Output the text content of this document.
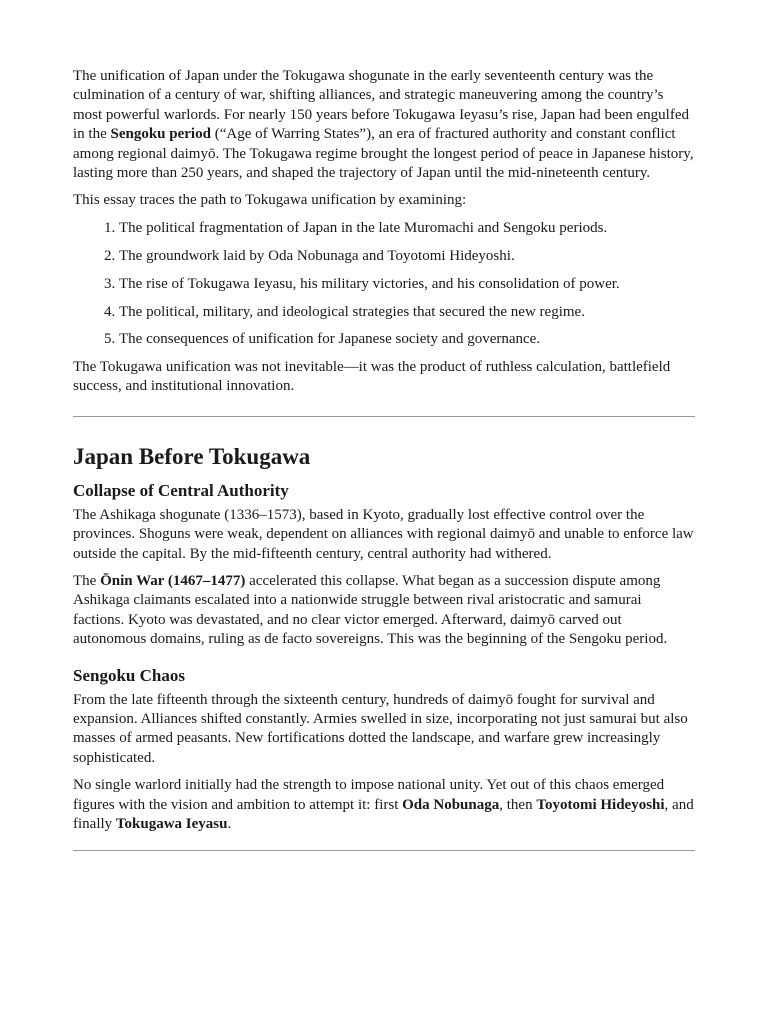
The unification of Japan under the Tokugawa shogunate in the early seventeenth century was the culmination of a century of war, shifting alliances, and strategic maneuvering among the country’s most powerful warlords. For nearly 150 years before Tokugawa Ieyasu’s rise, Japan had been engulfed in the Sengoku period (“Age of Warring States”), an era of fractured authority and constant conflict among regional daimyō. The Tokugawa regime brought the longest period of peace in Japanese history, lasting more than 250 years, and shaped the trajectory of Japan until the mid-nineteenth century.

This essay traces the path to Tokugawa unification by examining:

1. The political fragmentation of Japan in the late Muromachi and Sengoku periods.
2. The groundwork laid by Oda Nobunaga and Toyotomi Hideyoshi.
3. The rise of Tokugawa Ieyasu, his military victories, and his consolidation of power.
4. The political, military, and ideological strategies that secured the new regime.
5. The consequences of unification for Japanese society and governance.

The Tokugawa unification was not inevitable—it was the product of ruthless calculation, battlefield success, and institutional innovation.

Japan Before Tokugawa
Collapse of Central Authority

The Ashikaga shogunate (1336–1573), based in Kyoto, gradually lost effective control over the provinces. Shoguns were weak, dependent on alliances with regional daimyō and unable to enforce law outside the capital. By the mid-fifteenth century, central authority had withered.

The Ōnin War (1467–1477) accelerated this collapse. What began as a succession dispute among Ashikaga claimants escalated into a nationwide struggle between rival aristocratic and samurai factions. Kyoto was devastated, and no clear victor emerged. Afterward, daimyō carved out autonomous domains, ruling as de facto sovereigns. This was the beginning of the Sengoku period.

Sengoku Chaos

From the late fifteenth through the sixteenth century, hundreds of daimyō fought for survival and expansion. Alliances shifted constantly. Armies swelled in size, incorporating not just samurai but also masses of armed peasants. New fortifications dotted the landscape, and warfare grew increasingly sophisticated.

No single warlord initially had the strength to impose national unity. Yet out of this chaos emerged figures with the vision and ambition to attempt it: first Oda Nobunaga, then Toyotomi Hideyoshi, and finally Tokugawa Ieyasu.
